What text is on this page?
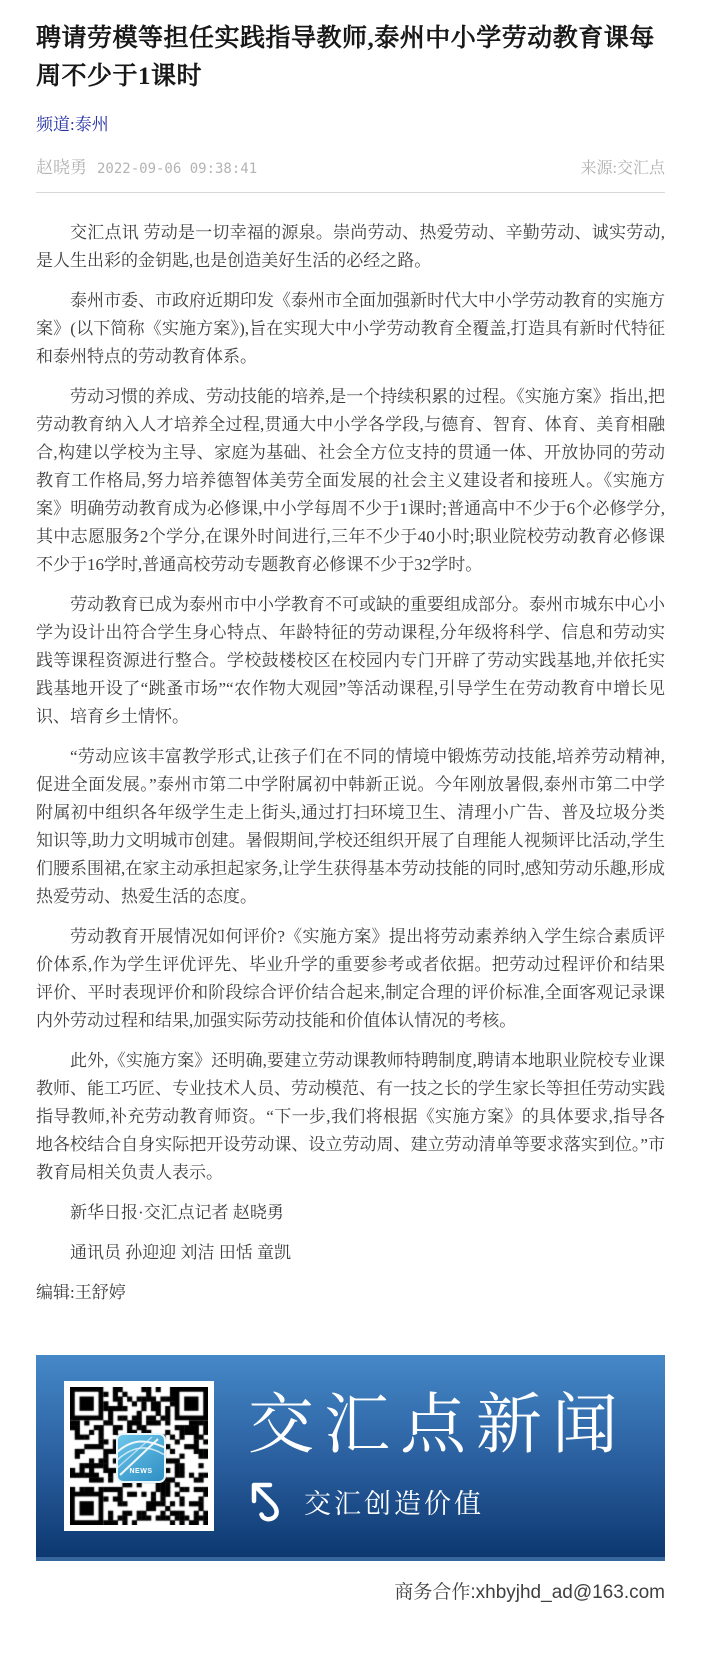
聘请劳模等担任实践指导教师,泰州中小学劳动教育课每周不少于1课时
频道:泰州
赵晓勇 2022-09-06 09:38:41	来源:交汇点

交汇点讯 劳动是一切幸福的源泉。崇尚劳动、热爱劳动、辛勤劳动、诚实劳动,是人生出彩的金钥匙,也是创造美好生活的必经之路。

泰州市委、市政府近期印发《泰州市全面加强新时代大中小学劳动教育的实施方案》(以下简称《实施方案》),旨在实现大中小学劳动教育全覆盖,打造具有新时代特征和泰州特点的劳动教育体系。

劳动习惯的养成、劳动技能的培养,是一个持续积累的过程。《实施方案》指出,把劳动教育纳入人才培养全过程,贯通大中小学各学段,与德育、智育、体育、美育相融合,构建以学校为主导、家庭为基础、社会全方位支持的贯通一体、开放协同的劳动教育工作格局,努力培养德智体美劳全面发展的社会主义建设者和接班人。《实施方案》明确劳动教育成为必修课,中小学每周不少于1课时;普通高中不少于6个必修学分,其中志愿服务2个学分,在课外时间进行,三年不少于40小时;职业院校劳动教育必修课不少于16学时,普通高校劳动专题教育必修课不少于32学时。

劳动教育已成为泰州市中小学教育不可或缺的重要组成部分。泰州市城东中心小学为设计出符合学生身心特点、年龄特征的劳动课程,分年级将科学、信息和劳动实践等课程资源进行整合。学校鼓楼校区在校园内专门开辟了劳动实践基地,并依托实践基地开设了“跳蚤市场”“农作物大观园”等活动课程,引导学生在劳动教育中增长见识、培育乡土情怀。

“劳动应该丰富教学形式,让孩子们在不同的情境中锻炼劳动技能,培养劳动精神,促进全面发展。”泰州市第二中学附属初中韩新正说。今年刚放暑假,泰州市第二中学附属初中组织各年级学生走上街头,通过打扫环境卫生、清理小广告、普及垃圾分类知识等,助力文明城市创建。暑假期间,学校还组织开展了自理能人视频评比活动,学生们腰系围裙,在家主动承担起家务,让学生获得基本劳动技能的同时,感知劳动乐趣,形成热爱劳动、热爱生活的态度。

劳动教育开展情况如何评价?《实施方案》提出将劳动素养纳入学生综合素质评价体系,作为学生评优评先、毕业升学的重要参考或者依据。把劳动过程评价和结果评价、平时表现评价和阶段综合评价结合起来,制定合理的评价标准,全面客观记录课内外劳动过程和结果,加强实际劳动技能和价值体认情况的考核。

此外,《实施方案》还明确,要建立劳动课教师特聘制度,聘请本地职业院校专业课教师、能工巧匠、专业技术人员、劳动模范、有一技之长的学生家长等担任劳动实践指导教师,补充劳动教育师资。“下一步,我们将根据《实施方案》的具体要求,指导各地各校结合自身实际把开设劳动课、设立劳动周、建立劳动清单等要求落实到位。”市教育局相关负责人表示。

新华日报·交汇点记者 赵晓勇

通讯员 孙迎迎 刘洁 田恬 童凯

编辑:王舒婷

NEWS
交汇点新闻
交汇创造价值
商务合作:xhbyjhd_ad@163.com
